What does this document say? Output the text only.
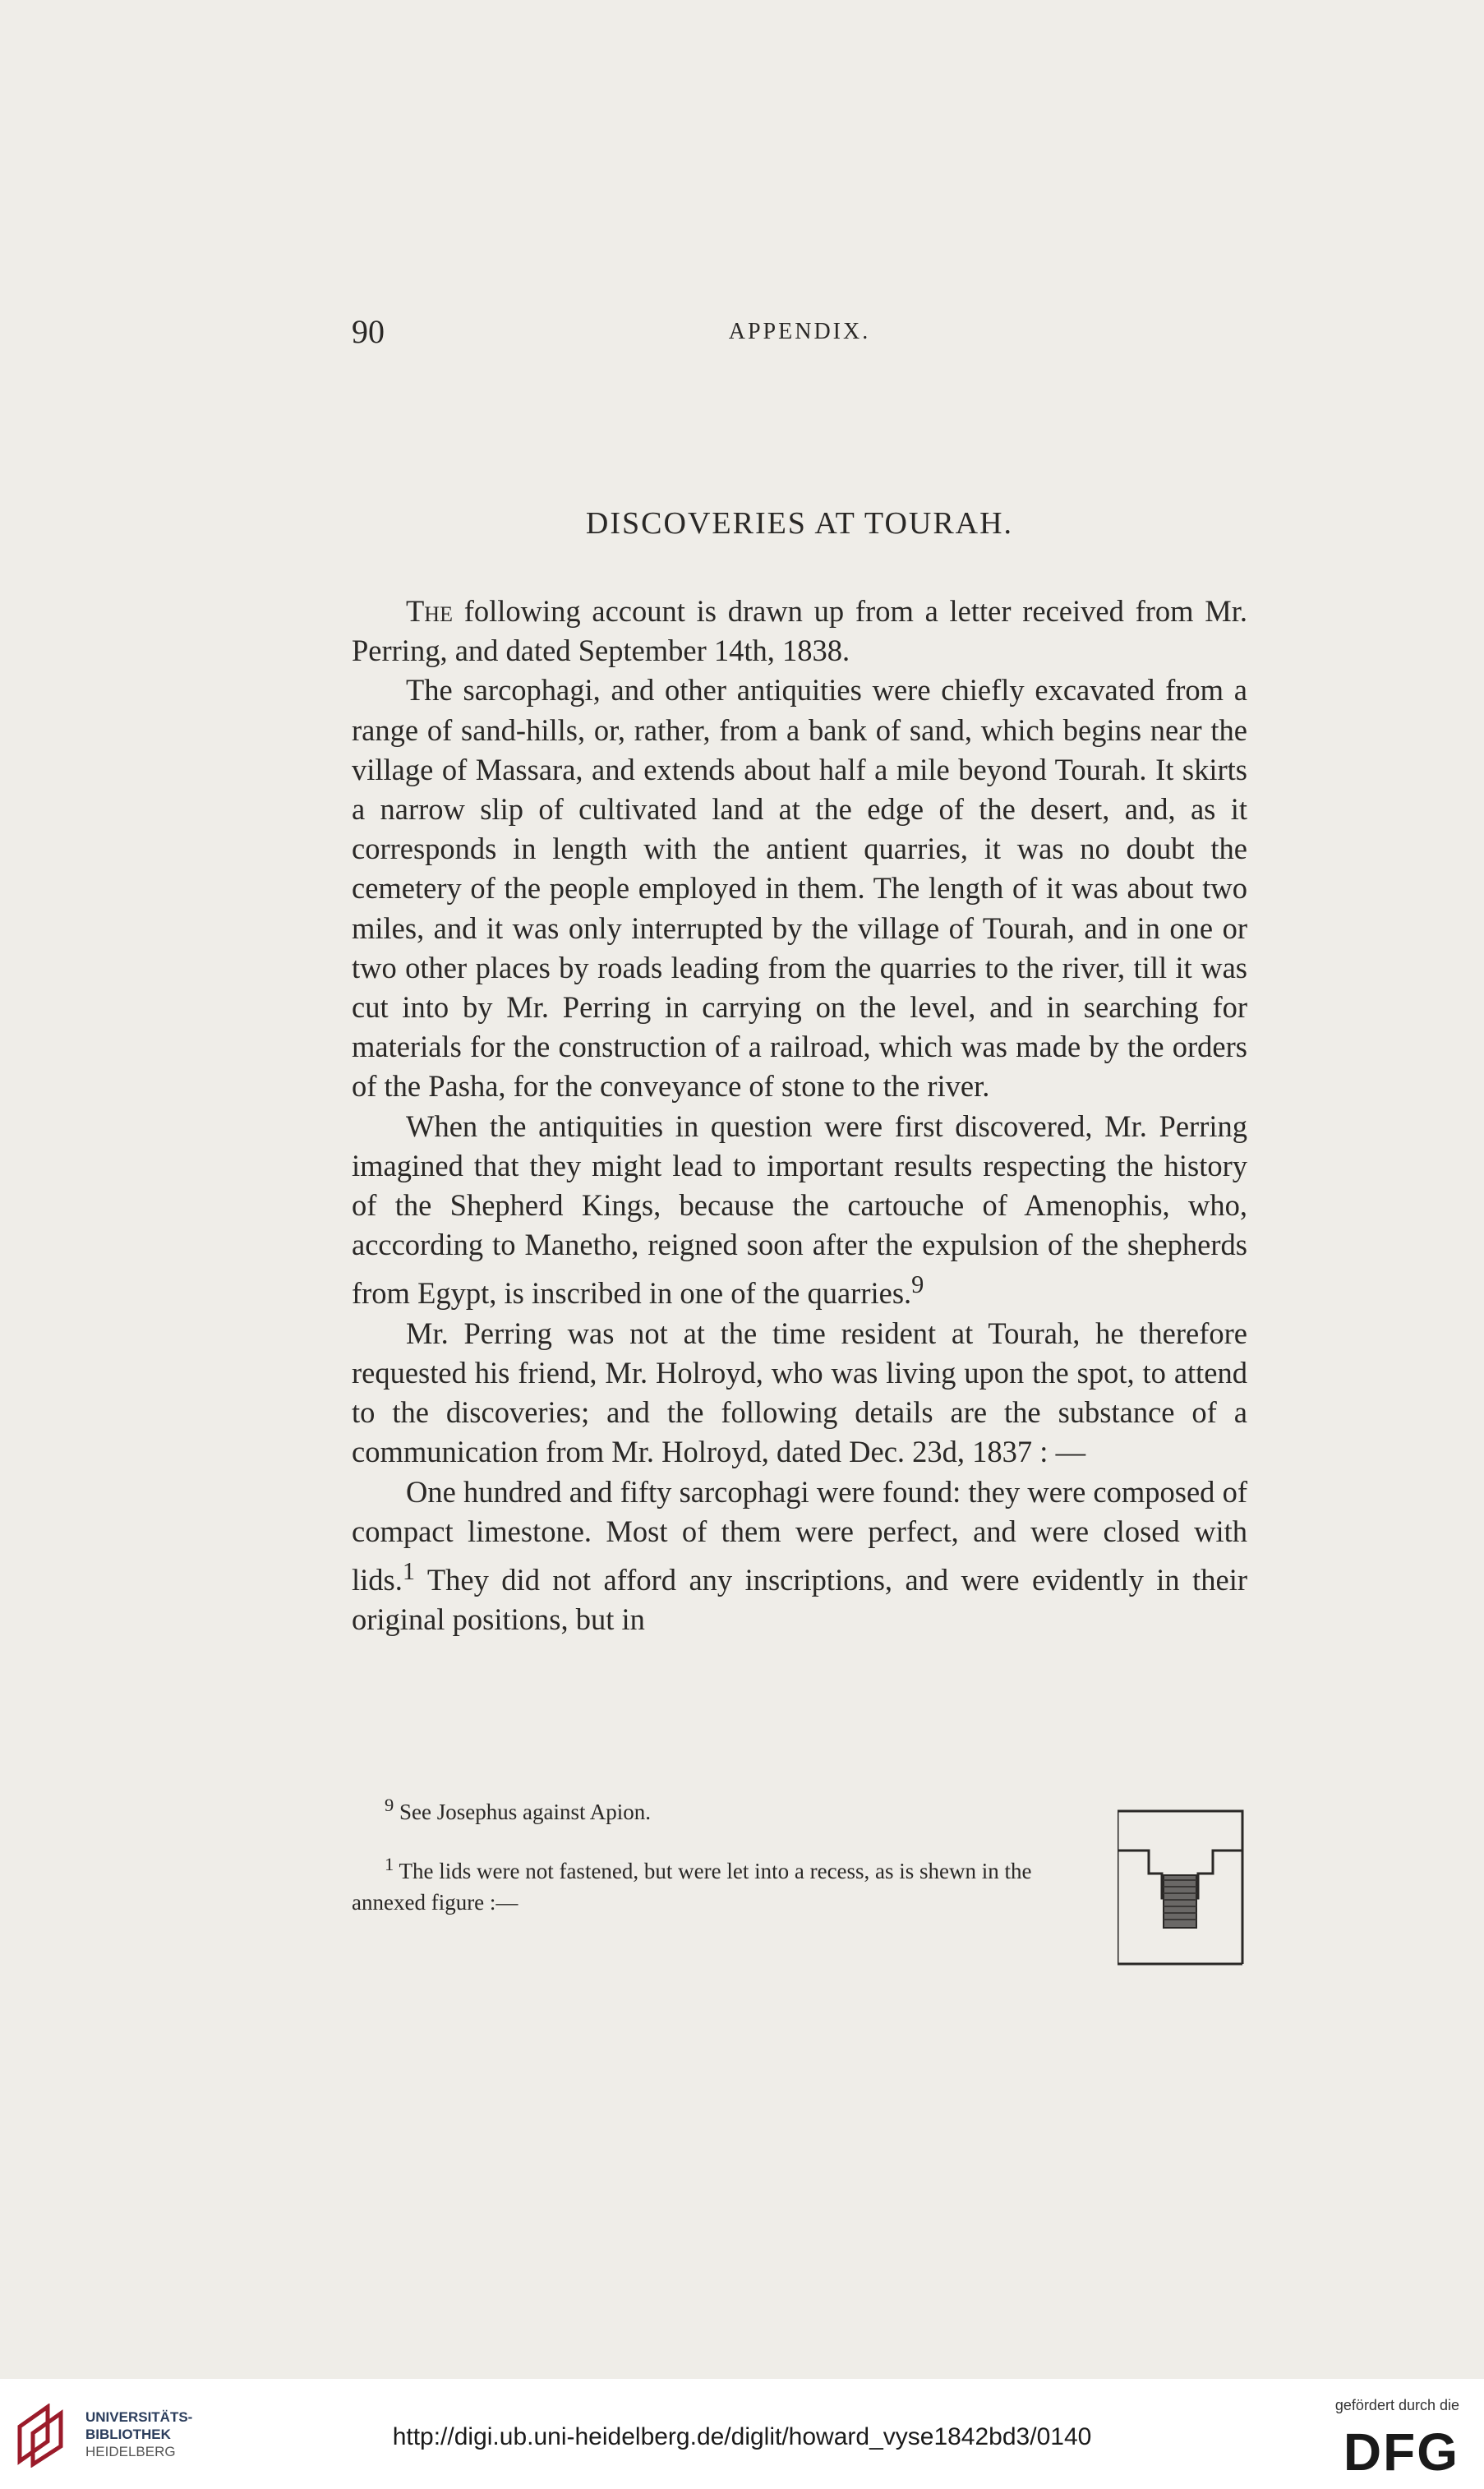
90	APPENDIX.
DISCOVERIES AT TOURAH.

The following account is drawn up from a letter received from Mr. Perring, and dated September 14th, 1838.

The sarcophagi, and other antiquities were chiefly excavated from a range of sand-hills, or, rather, from a bank of sand, which begins near the village of Massara, and extends about half a mile beyond Tourah. It skirts a narrow slip of cultivated land at the edge of the desert, and, as it corresponds in length with the antient quarries, it was no doubt the cemetery of the people employed in them. The length of it was about two miles, and it was only interrupted by the village of Tourah, and in one or two other places by roads leading from the quarries to the river, till it was cut into by Mr. Perring in carrying on the level, and in searching for materials for the construction of a railroad, which was made by the orders of the Pasha, for the conveyance of stone to the river.

When the antiquities in question were first discovered, Mr. Perring imagined that they might lead to important results respecting the history of the Shepherd Kings, because the cartouche of Amenophis, who, acccording to Manetho, reigned soon after the expulsion of the shepherds from Egypt, is inscribed in one of the quarries.$^9$

Mr. Perring was not at the time resident at Tourah, he therefore requested his friend, Mr. Holroyd, who was living upon the spot, to attend to the discoveries; and the following details are the substance of a communication from Mr. Holroyd, dated Dec. 23d, 1837 : —

One hundred and fifty sarcophagi were found: they were composed of compact limestone. Most of them were perfect, and were closed with lids.$^1$ They did not afford any inscriptions, and were evidently in their original positions, but in

$^9$ See Josephus against Apion.

$^1$ The lids were not fastened, but were let into a recess, as is shewn in the annexed figure :—

UNIVERSITÄTS-
BIBLIOTHEK
HEIDELBERG
http://digi.ub.uni-heidelberg.de/diglit/howard_vyse1842bd3/0140
gefördert durch die
DFG
